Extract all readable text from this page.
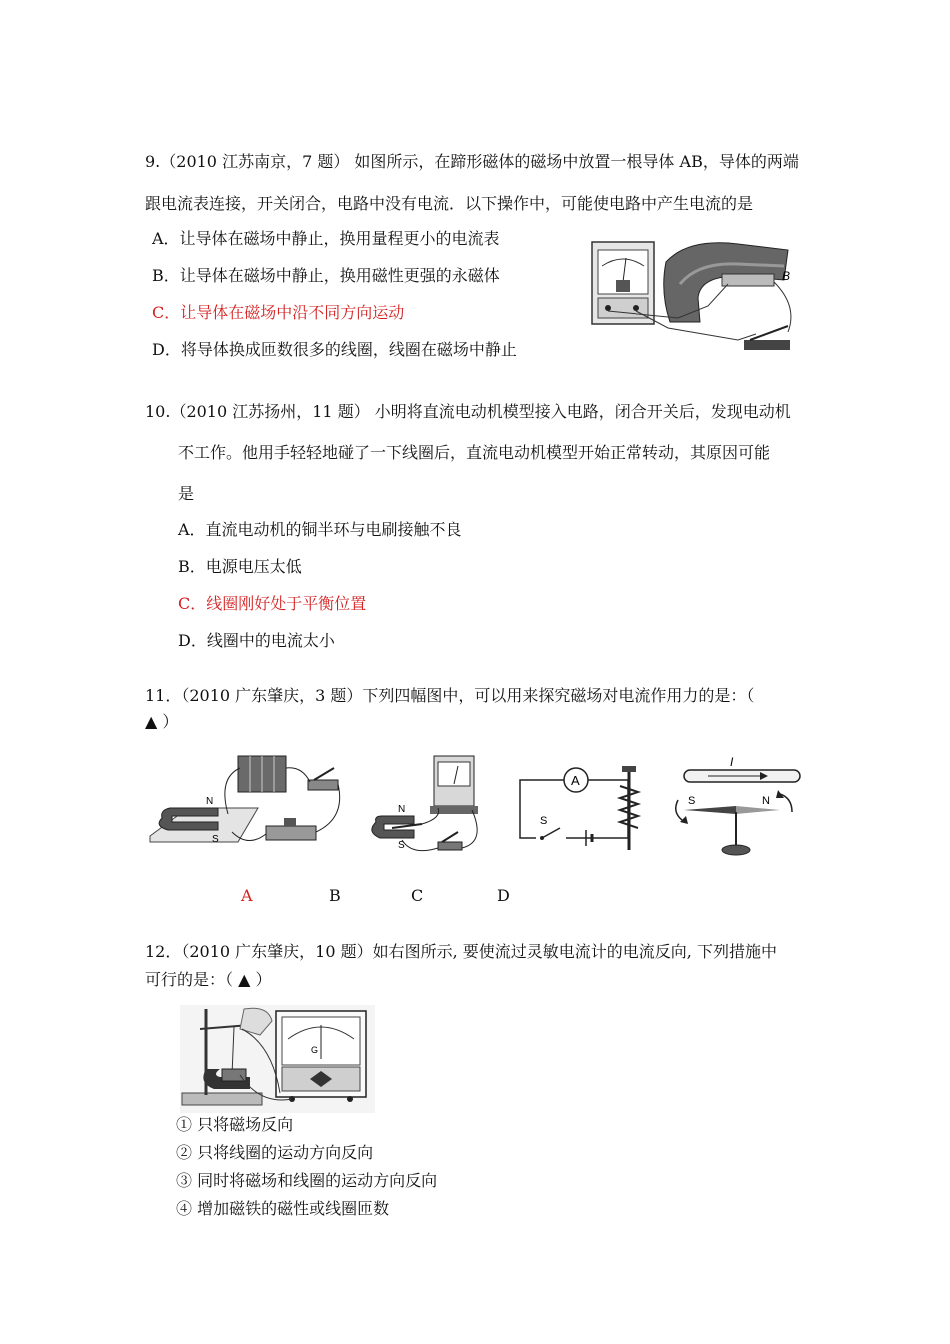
9.（2010 江苏南京，7 题） 如图所示，在蹄形磁体的磁场中放置一根导体 AB，导体的两端
跟电流表连接，开关闭合，电路中没有电流．以下操作中，可能使电路中产生电流的是
A．让导体在磁场中静止，换用量程更小的电流表
B．让导体在磁场中静止，换用磁性更强的永磁体
C．让导体在磁场中沿不同方向运动
D．将导体换成匝数很多的线圈，线圈在磁场中静止
B
10.（2010 江苏扬州，11 题） 小明将直流电动机模型接入电路，闭合开关后，发现电动机
不工作。他用手轻轻地碰了一下线圈后，直流电动机模型开始正常转动，其原因可能
是
A．直流电动机的铜半环与电刷接触不良
B．电源电压太低
C．线圈刚好处于平衡位置
D．线圈中的电流太小
11．（2010 广东肇庆，3 题）下列四幅图中，可以用来探究磁场对电流作用力的是：（
▲ ）
N
S
N
S
A
S
I
S	N
A	B	C	D
12．（2010 广东肇庆，10 题）如右图所示, 要使流过灵敏电流计的电流反向, 下列措施中
可行的是：（ ▲ ）
G
① 只将磁场反向
② 只将线圈的运动方向反向
③ 同时将磁场和线圈的运动方向反向
④ 增加磁铁的磁性或线圈匝数
